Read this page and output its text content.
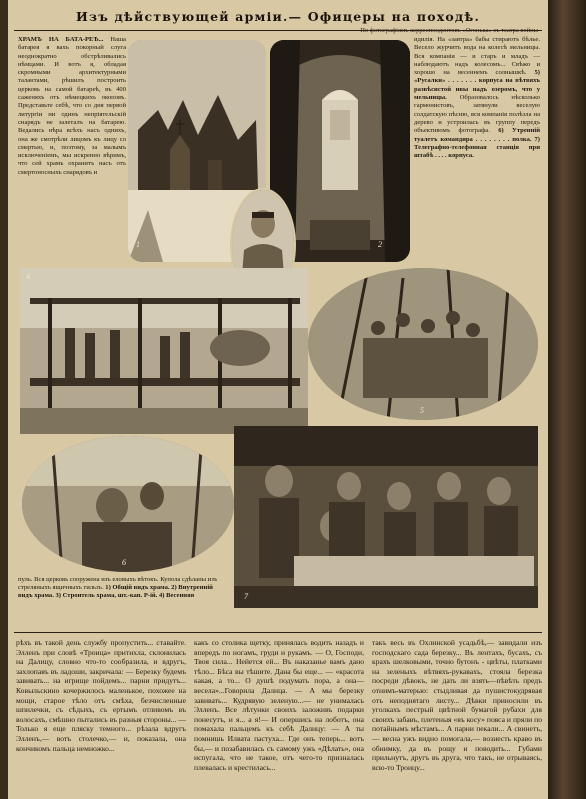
Изъ дѣйствующей арміи.— Офицеры на походѣ.
ХРАМЪ НА БАТА-РЕѢ... Наша батарея я вахъ покорный слуга неоднократно обстрѣливались нѣмцами. И вотъ я, обладая скромными архитектурными талантами, рѣшилъ построить церковь на самой батареѣ, въ 400 саженяхъ отъ нѣмецкихъ окоповъ. Представьте себѣ, что со дня первой литургіи ни одинъ непріятельскій снарядъ не залеталъ на батарею. Ведались нѣра всѣхъ насъ однихъ, она же смотрѣли лицомъ къ лицу со смертью, и, поэтому, за малымъ исключеніемъ, мы искренно вѣримъ, что сей храмъ охранитъ насъ отъ смертоносныхъ снарядовъ и
1	2
идилія. На «завтра» бабы стираютъ бѣлье. Весело журчитъ вода на колесѣ мельницы. Вся компанія — и старъ и младъ — наблюдаютъ надъ колесомъ... Свѣжо и хорошо на весеннемъ солнышкѣ. 5) «Русалки» . . . . . . . корпуса на вѣтвяхъ развѣсистой ивы надъ озеромъ, что у мельницы. Образовалось нѣсколько гармонистовъ, затянули веселую солдатскую пѣсню, вся компанія полѣзла на дерево и устроилась въ группу передъ объективомъ фотографа. 6) Утренній туалетъ командира . . . . . . . . полка. 7) Телеграфно-телефонная станція при штабѣ . . . . корпуса.
4
5
6
7
пуль. Вся церковь сооружена изъ еловыхъ вѣтокъ. Купола сдѣланы изъ стреляныхъ ящичныхъ гильзъ. 1) Общій видъ храма. 2) Внутренній видъ храма. 3) Строитель храма, шт.-кап. Р-ій. 4) Весенняя
рѣхъ въ такой день службу пропустить... ставайте. Элленъ при словѣ «Троица» притихла, склонилась на Далицу, словно что-то сообразила, и вдругъ, захлопавъ въ ладоши, закричала: — Березку будемъ завивать... на игрище пойдемъ... парни придутъ... Ковыльскино кочержилось маленькое, похожее на мощи, старое тѣло отъ смѣха, безчисленные шпилечки, съ сѣдыхъ, съ ертымъ отливомъ въ волосахъ, смѣшно пытались въ разныя стороны... — Только я еще пляску темного... рѣзала вдругъ Элленъ,— вотъ столечко,— и, показала, она кончикомъ пальца немножко...
какъ со столика щетку, принялась водить назадъ и впередъ по ногамъ, груди и рукамъ. — О, Господи, Твоя сила... Нейется ей... Въ наказанье вамъ дано тѣло... Бѣса вы тѣшите. Дана бы еще... — «красота какая, а то... О душѣ подумать пора, а она— весела»...Говорила Далица. — А мы березку завивать... Кудрявую зеленую...— не унималась Элленъ. Все лѣтунки своихъ заложивъ подарки понесутъ, и я... а я!— И опершись на лоботъ, она помахала пальцемъ къ себѣ Далицу: — А ты помнишь Илвата пастуха... Где онъ теперь... вотъ бы,— и позабавилась съ самому ужъ «Дѣлать», она испугала, что не такое, отъ чего-то призналась плевалась и крестилась...
такъ весь въ Охлинской усадьбѣ,— завидали изъ господскаго сада березку... Въ лентахъ, бусахъ, съ крахъ шелковыми, точно бутонъ - цвѣты, платками на зеленыхъ вѣтвяхъ-рукавахъ, стояла березка посреди дѣвокъ, не дать ли взять—пѣвѣть предъ отнимъ-матерью: стыдливая да пушистокудрявая отъ неподнятаго листу... Дѣвки приносили въ уголкахъ пестрый цвѣтной бумагой рубахи для своихъ забавъ, плетеныя «въ косу» пояса и пряли по потайнымъ мѣстамъ... А парни пекали... А свинетъ,— весна ужъ видно помогала,— вознесть краво въ обнимку, да въ рощу и поводить... Губами прильнутъ, другъ въ друга, что такъ, не отрываясь, всю-то Троицу...
